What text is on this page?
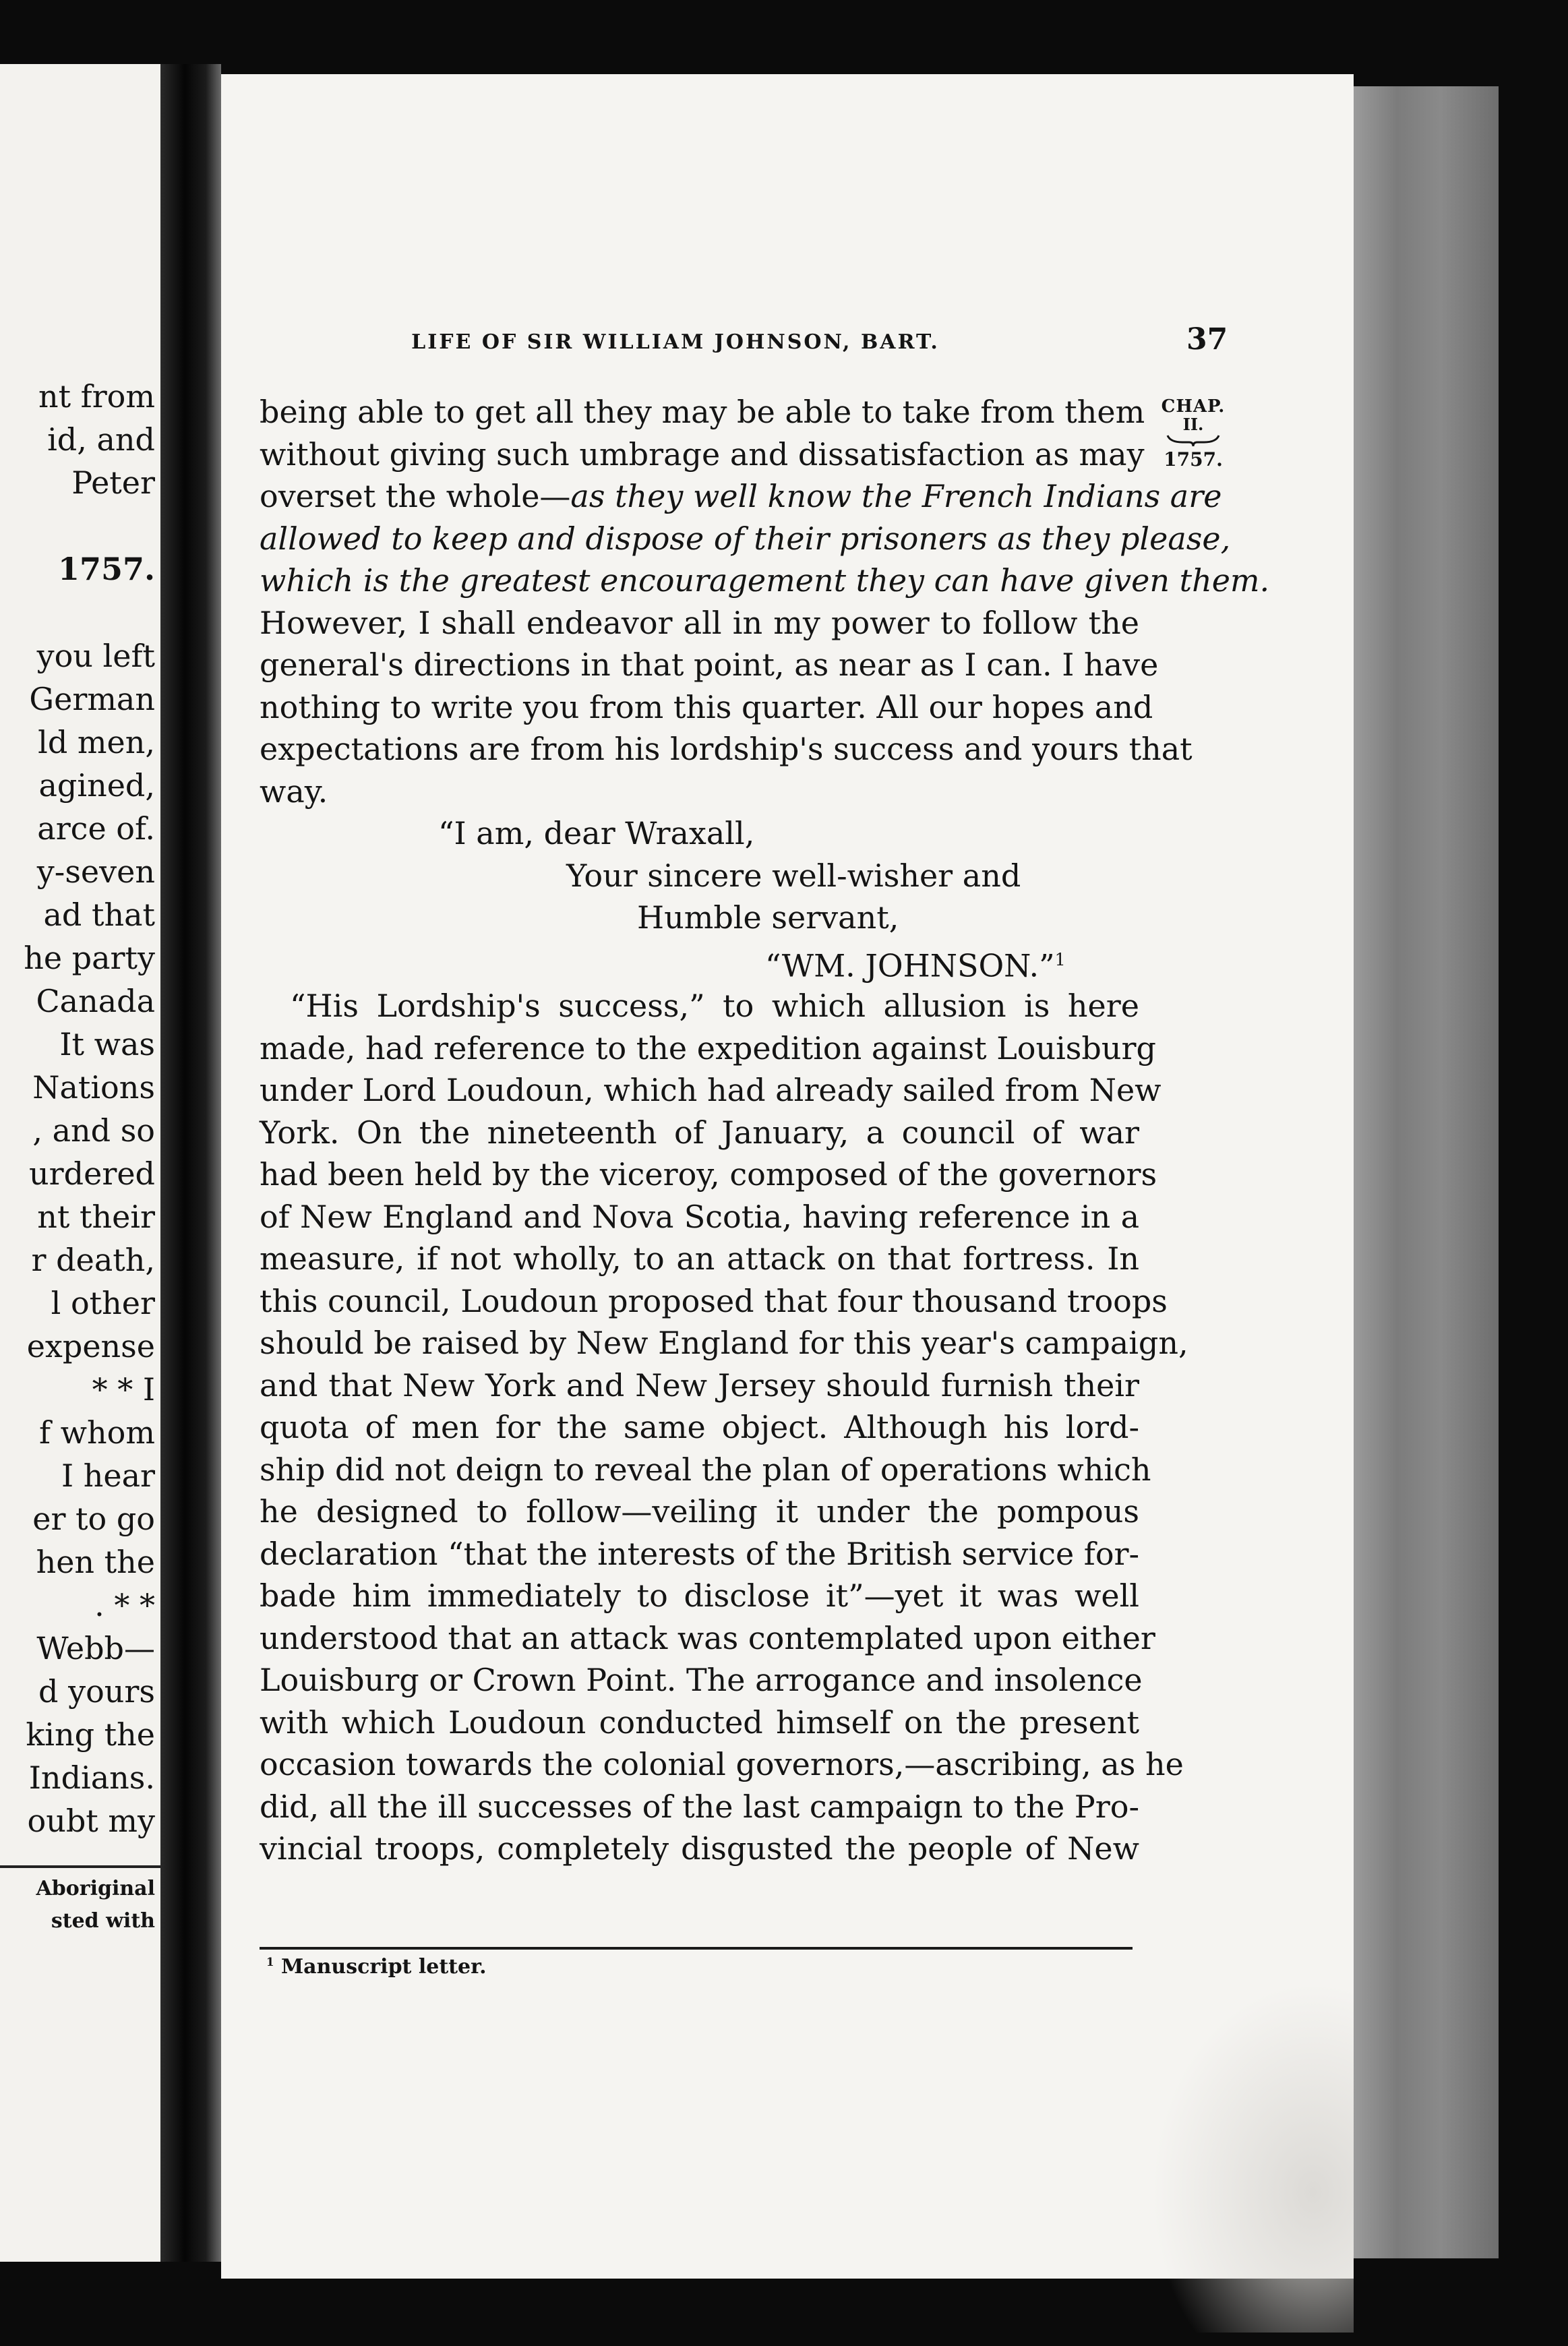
nt from
id, and
Peter
1757.
you left
German
ld men,
agined,
arce of.
y-seven
ad that
he party
Canada
It was
Nations
, and so
urdered
nt their
r death,
l other
expense
* * I
f whom
I hear
er to go
hen the
. * *
Webb—
d yours
king the
Indians.
oubt my
Aboriginal
sted with
LIFE OF SIR WILLIAM JOHNSON, BART.	37
CHAP.
II.
1757.
being able to get all they may be able to take from them
without giving such umbrage and dissatisfaction as may
overset the whole—as they well know the French Indians are
allowed to keep and dispose of their prisoners as they please,
which is the greatest encouragement they can have given them.
However, I shall endeavor all in my power to follow the
general's directions in that point, as near as I can. I have
nothing to write you from this quarter. All our hopes and
expectations are from his lordship's success and yours that
way.
“I am, dear Wraxall,
Your sincere well-wisher and
Humble servant,
“WM. JOHNSON.”$^1$
“His Lordship's success,” to which allusion is here
made, had reference to the expedition against Louisburg
under Lord Loudoun, which had already sailed from New
York. On the nineteenth of January, a council of war
had been held by the viceroy, composed of the governors
of New England and Nova Scotia, having reference in a
measure, if not wholly, to an attack on that fortress. In
this council, Loudoun proposed that four thousand troops
should be raised by New England for this year's campaign,
and that New York and New Jersey should furnish their
quota of men for the same object. Although his lord-
ship did not deign to reveal the plan of operations which
he designed to follow—veiling it under the pompous
declaration “that the interests of the British service for-
bade him immediately to disclose it”—yet it was well
understood that an attack was contemplated upon either
Louisburg or Crown Point. The arrogance and insolence
with which Loudoun conducted himself on the present
occasion towards the colonial governors,—ascribing, as he
did, all the ill successes of the last campaign to the Pro-
vincial troops, completely disgusted the people of New
$^1$ Manuscript letter.
